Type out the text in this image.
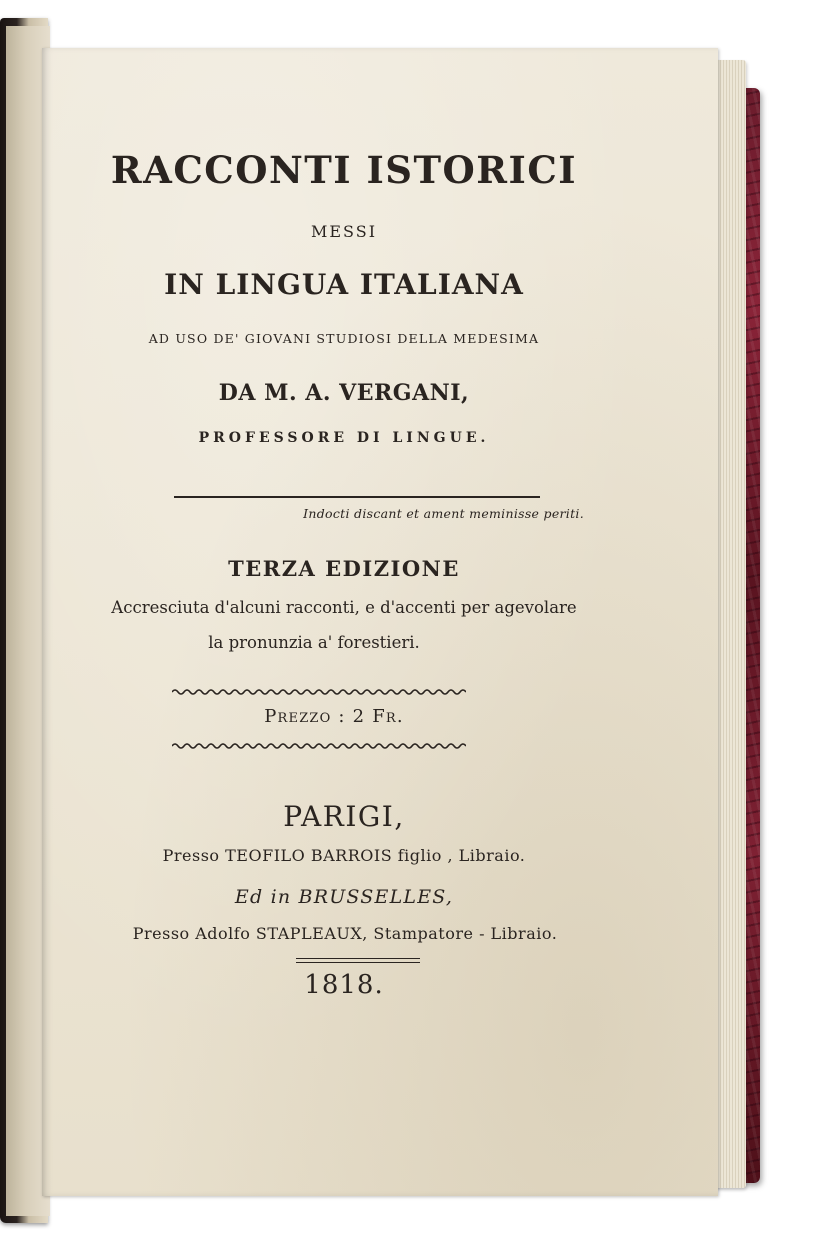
RACCONTI ISTORICI
MESSI
IN LINGUA ITALIANA
AD USO DE' GIOVANI STUDIOSI DELLA MEDESIMA
DA M. A. VERGANI,
PROFESSORE DI LINGUE.
Indocti discant et ament meminisse periti.
TERZA EDIZIONE
Accresciuta d'alcuni racconti, e d'accenti per agevolare
la pronunzia a' forestieri.
Prezzo : 2 Fr.
PARIGI,
Presso TEOFILO BARROIS figlio , Libraio.
Ed in BRUSSELLES,
Presso Adolfo STAPLEAUX, Stampatore - Libraio.
1818.
